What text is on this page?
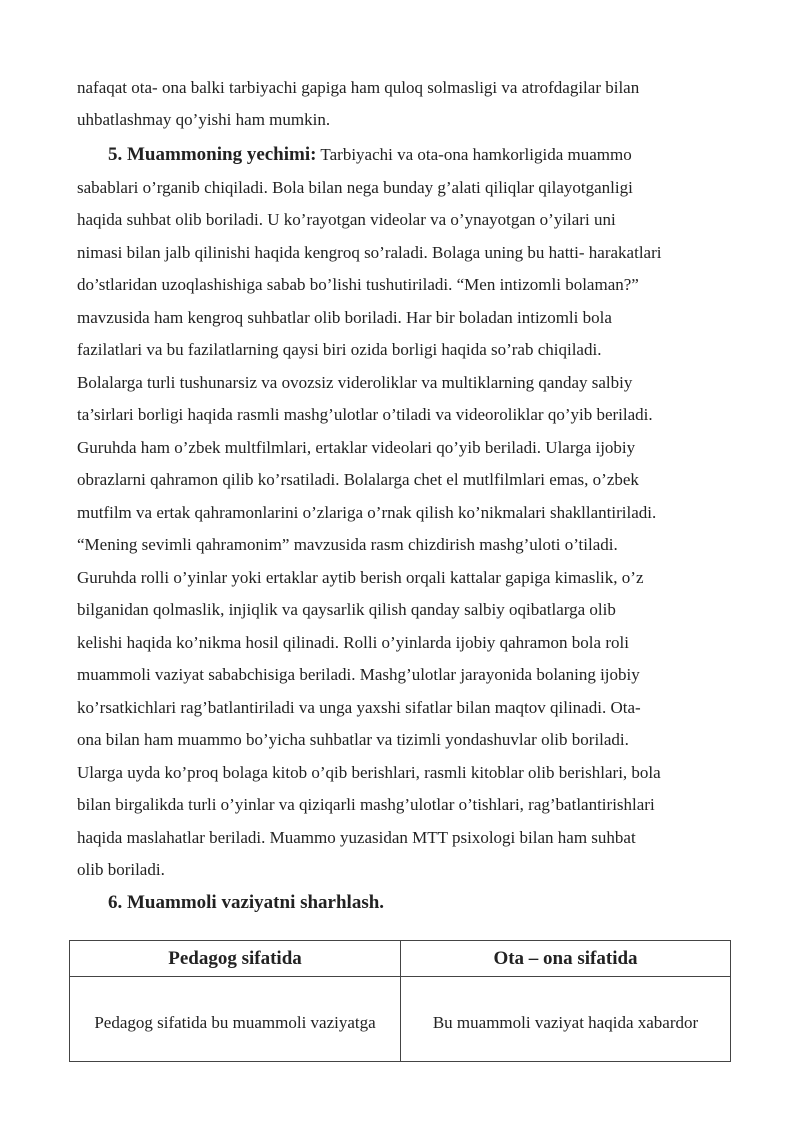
nafaqat ota- ona balki tarbiyachi gapiga ham quloq solmasligi va atrofdagilar bilan
uhbatlashmay qo’yishi ham mumkin.
5. Muammoning yechimi: Tarbiyachi va ota-ona hamkorligida muammo
sabablari o’rganib chiqiladi. Bola bilan nega bunday g’alati qiliqlar qilayotganligi
haqida suhbat olib boriladi. U ko’rayotgan videolar va o’ynayotgan o’yilari uni
nimasi bilan jalb qilinishi haqida kengroq so’raladi. Bolaga uning bu hatti- harakatlari
do’stlaridan uzoqlashishiga sabab bo’lishi tushutiriladi. “Men intizomli bolaman?”
mavzusida ham kengroq suhbatlar olib boriladi. Har bir boladan intizomli bola
fazilatlari va bu fazilatlarning qaysi biri ozida borligi haqida so’rab chiqiladi.
Bolalarga turli tushunarsiz va ovozsiz videroliklar va multiklarning qanday salbiy
ta’sirlari borligi haqida rasmli mashg’ulotlar o’tiladi va videoroliklar qo’yib beriladi.
Guruhda ham o’zbek multfilmlari, ertaklar videolari qo’yib beriladi. Ularga ijobiy
obrazlarni qahramon qilib ko’rsatiladi. Bolalarga chet el mutlfilmlari emas, o’zbek
mutfilm va ertak qahramonlarini o’zlariga o’rnak qilish ko’nikmalari shakllantiriladi.
“Mening sevimli qahramonim” mavzusida rasm chizdirish mashg’uloti o’tiladi.
Guruhda rolli o’yinlar yoki ertaklar aytib berish orqali kattalar gapiga kimaslik, o’z
bilganidan qolmaslik, injiqlik va qaysarlik qilish qanday salbiy oqibatlarga olib
kelishi haqida ko’nikma hosil qilinadi. Rolli o’yinlarda ijobiy qahramon bola roli
muammoli vaziyat sababchisiga beriladi. Mashg’ulotlar jarayonida bolaning ijobiy
ko’rsatkichlari rag’batlantiriladi va unga yaxshi sifatlar bilan maqtov qilinadi. Ota-
ona bilan ham muammo bo’yicha suhbatlar va tizimli yondashuvlar olib boriladi.
Ularga uyda ko’proq bolaga kitob o’qib berishlari, rasmli kitoblar olib berishlari, bola
bilan birgalikda turli o’yinlar va qiziqarli mashg’ulotlar o’tishlari, rag’batlantirishlari
haqida maslahatlar beriladi. Muammo yuzasidan MTT psixologi bilan ham suhbat
olib boriladi.
6. Muammoli vaziyatni sharhlash.
Pedagog sifatida	Ota – ona sifatida
Pedagog sifatida bu muammoli vaziyatga	Bu muammoli vaziyat haqida xabardor
